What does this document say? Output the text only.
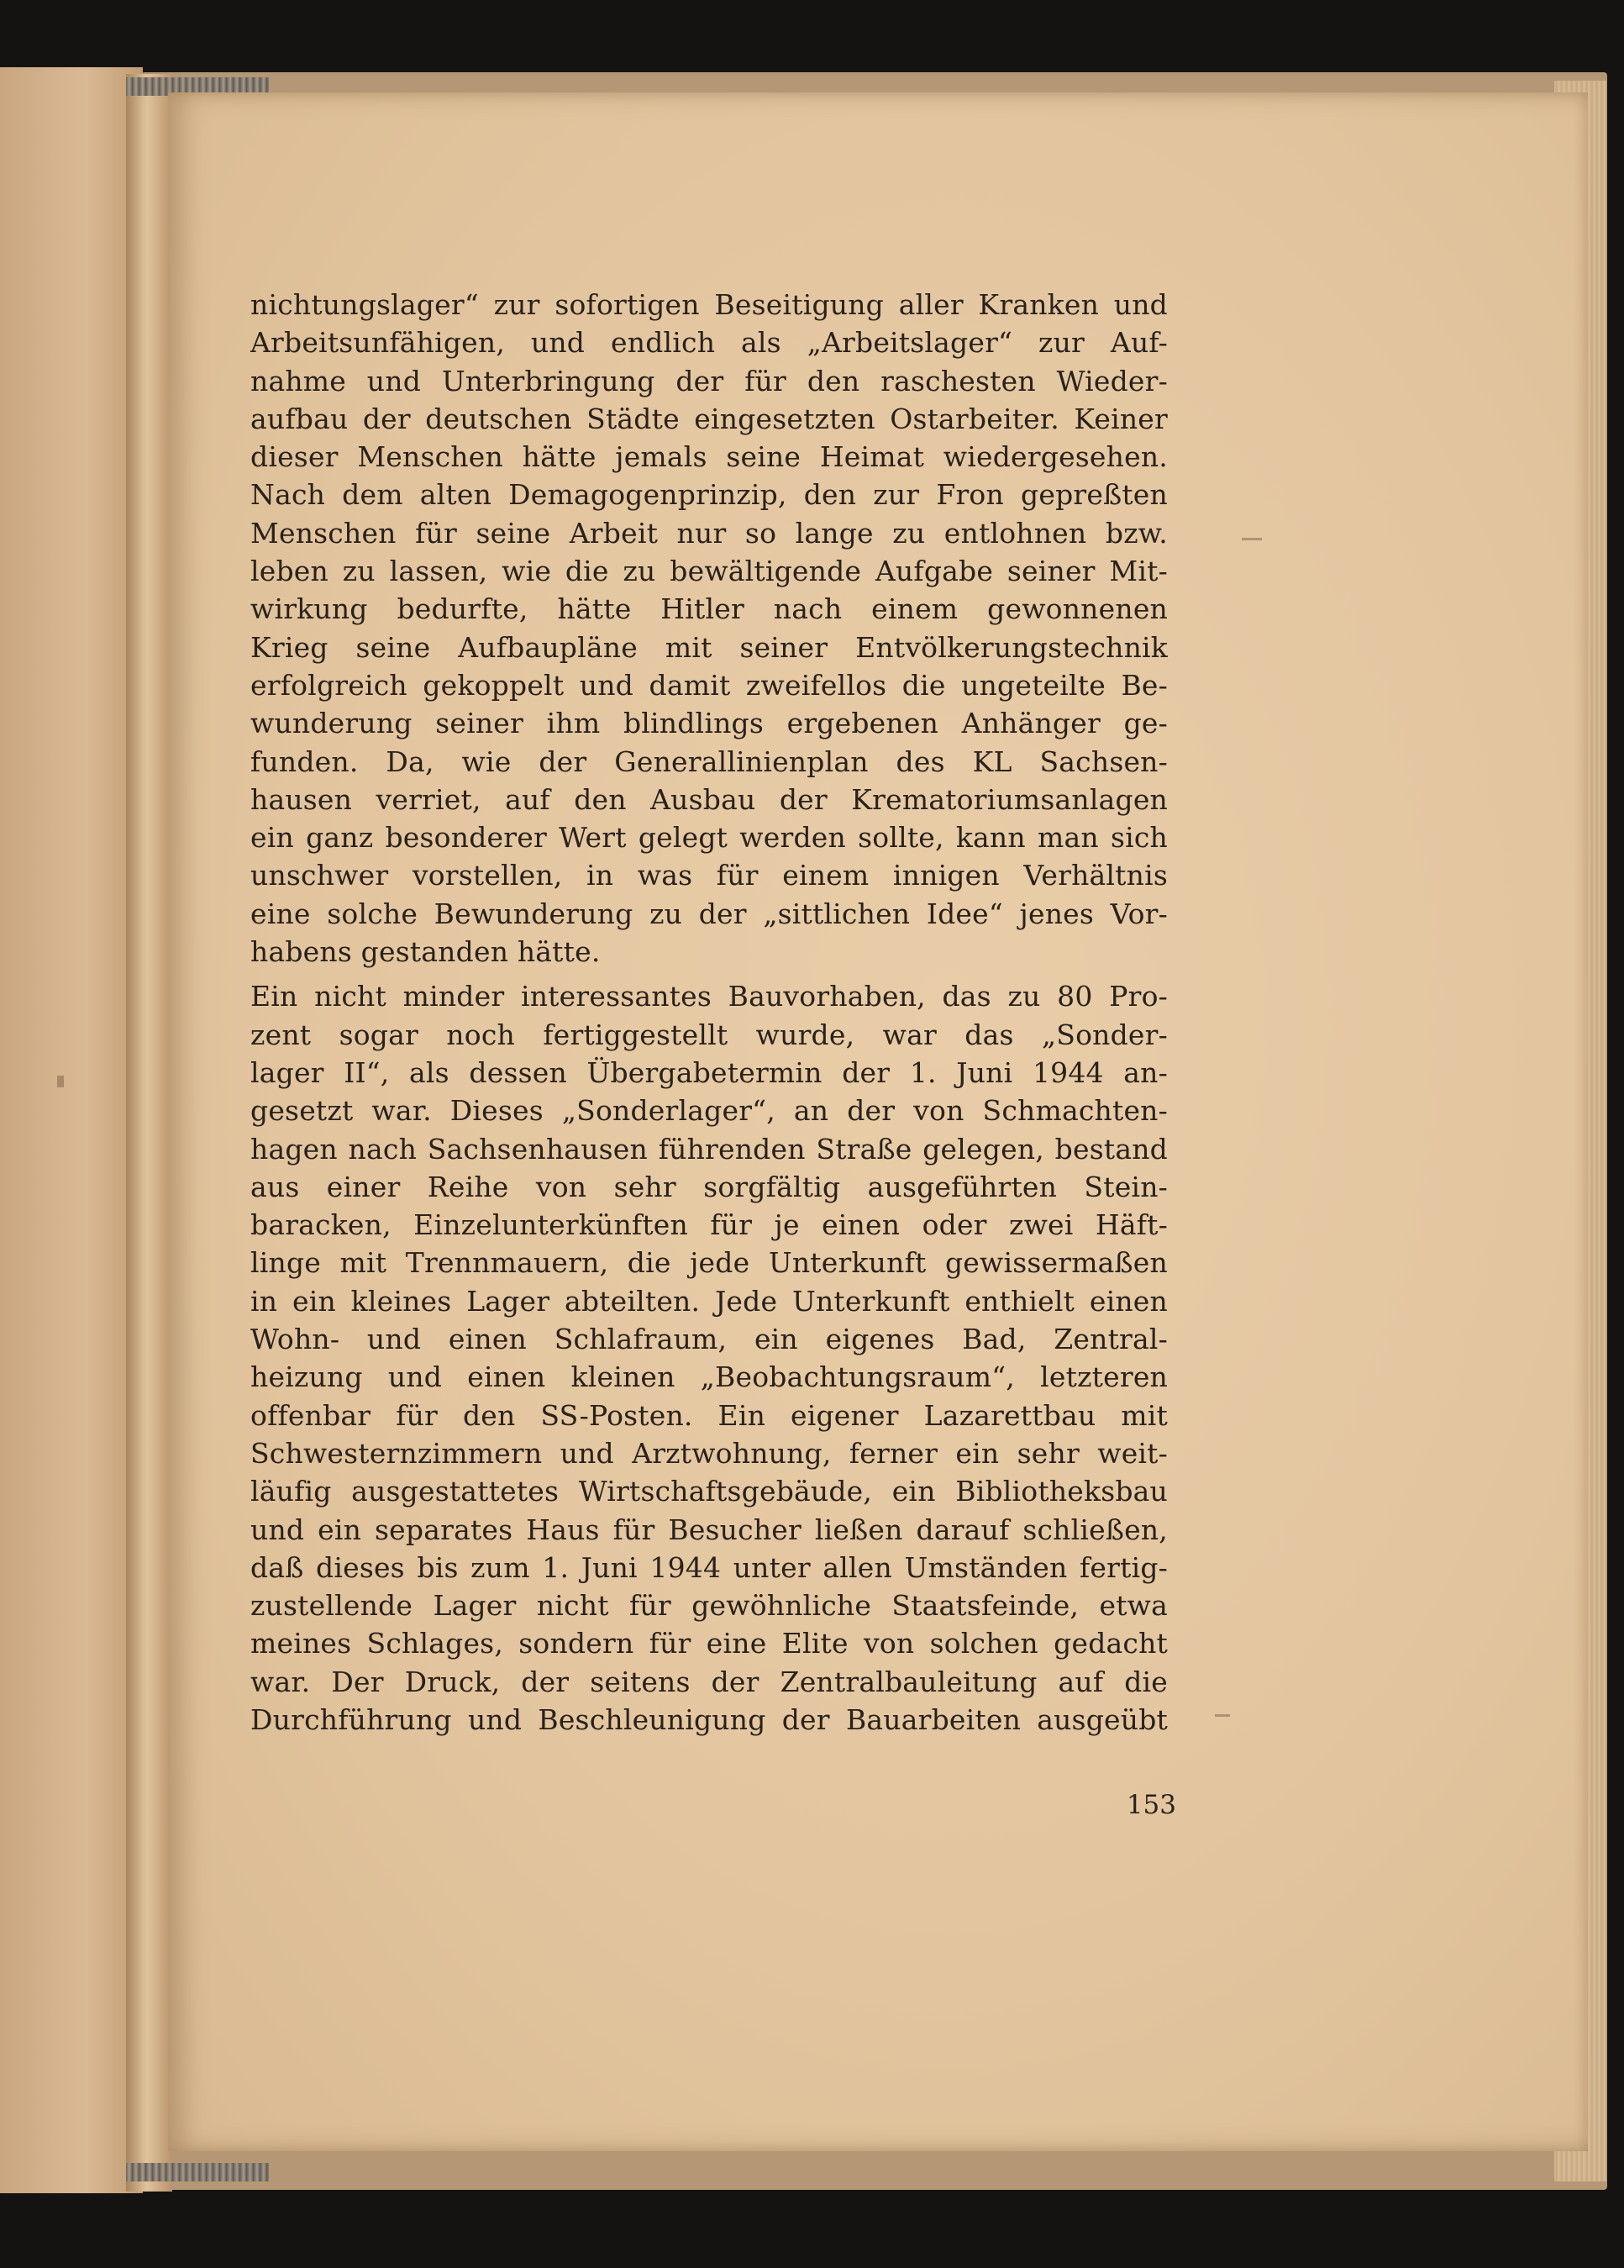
nichtungslager“ zur sofortigen Beseitigung aller Kranken und
Arbeitsunfähigen, und endlich als „Arbeitslager“ zur Auf-
nahme und Unterbringung der für den raschesten Wieder-
aufbau der deutschen Städte eingesetzten Ostarbeiter. Keiner
dieser Menschen hätte jemals seine Heimat wiedergesehen.
Nach dem alten Demagogenprinzip, den zur Fron gepreßten
Menschen für seine Arbeit nur so lange zu entlohnen bzw.
leben zu lassen, wie die zu bewältigende Aufgabe seiner Mit-
wirkung bedurfte, hätte Hitler nach einem gewonnenen
Krieg seine Aufbaupläne mit seiner Entvölkerungstechnik
erfolgreich gekoppelt und damit zweifellos die ungeteilte Be-
wunderung seiner ihm blindlings ergebenen Anhänger ge-
funden. Da, wie der Generallinienplan des KL Sachsen-
hausen verriet, auf den Ausbau der Krematoriumsanlagen
ein ganz besonderer Wert gelegt werden sollte, kann man sich
unschwer vorstellen, in was für einem innigen Verhältnis
eine solche Bewunderung zu der „sittlichen Idee“ jenes Vor-
habens gestanden hätte.
Ein nicht minder interessantes Bauvorhaben, das zu 80 Pro-
zent sogar noch fertiggestellt wurde, war das „Sonder-
lager II“, als dessen Übergabetermin der 1. Juni 1944 an-
gesetzt war. Dieses „Sonderlager“, an der von Schmachten-
hagen nach Sachsenhausen führenden Straße gelegen, bestand
aus einer Reihe von sehr sorgfältig ausgeführten Stein-
baracken, Einzelunterkünften für je einen oder zwei Häft-
linge mit Trennmauern, die jede Unterkunft gewissermaßen
in ein kleines Lager abteilten. Jede Unterkunft enthielt einen
Wohn- und einen Schlafraum, ein eigenes Bad, Zentral-
heizung und einen kleinen „Beobachtungsraum“, letzteren
offenbar für den SS-Posten. Ein eigener Lazarettbau mit
Schwesternzimmern und Arztwohnung, ferner ein sehr weit-
läufig ausgestattetes Wirtschaftsgebäude, ein Bibliotheksbau
und ein separates Haus für Besucher ließen darauf schließen,
daß dieses bis zum 1. Juni 1944 unter allen Umständen fertig-
zustellende Lager nicht für gewöhnliche Staatsfeinde, etwa
meines Schlages, sondern für eine Elite von solchen gedacht
war. Der Druck, der seitens der Zentralbauleitung auf die
Durchführung und Beschleunigung der Bauarbeiten ausgeübt
153
